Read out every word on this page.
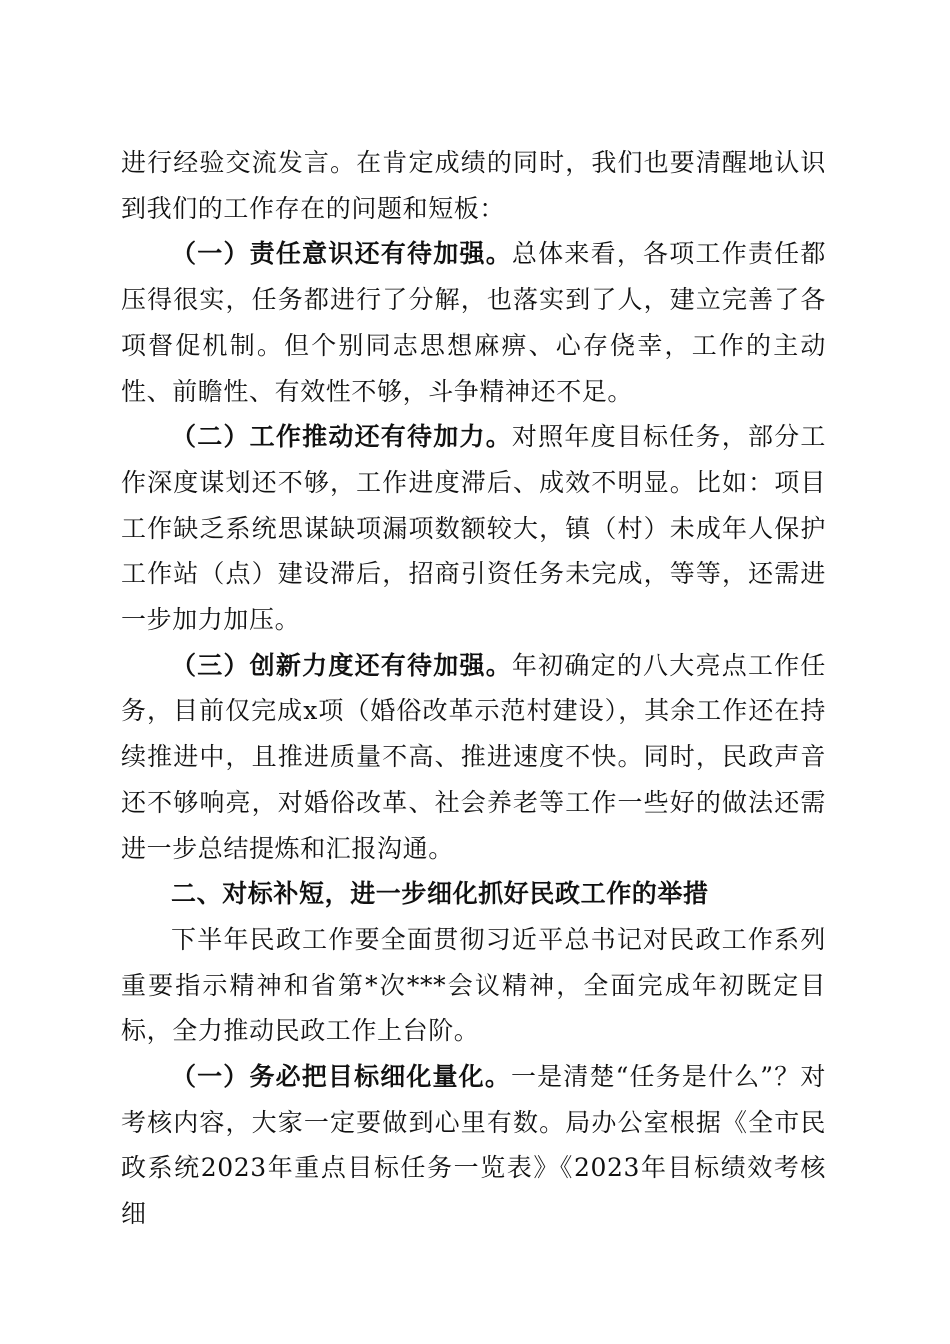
进行经验交流发言。在肯定成绩的同时，我们也要清醒地认识到我们的工作存在的问题和短板：

（一）责任意识还有待加强。总体来看，各项工作责任都压得很实，任务都进行了分解，也落实到了人，建立完善了各项督促机制。但个别同志思想麻痹、心存侥幸，工作的主动性、前瞻性、有效性不够，斗争精神还不足。

（二）工作推动还有待加力。对照年度目标任务，部分工作深度谋划还不够，工作进度滞后、成效不明显。比如：项目工作缺乏系统思谋缺项漏项数额较大，镇（村）未成年人保护工作站（点）建设滞后，招商引资任务未完成，等等，还需进一步加力加压。

（三）创新力度还有待加强。年初确定的八大亮点工作任务，目前仅完成x项（婚俗改革示范村建设），其余工作还在持续推进中，且推进质量不高、推进速度不快。同时，民政声音还不够响亮，对婚俗改革、社会养老等工作一些好的做法还需进一步总结提炼和汇报沟通。

二、对标补短，进一步细化抓好民政工作的举措

下半年民政工作要全面贯彻习近平总书记对民政工作系列重要指示精神和省第*次***会议精神，全面完成年初既定目标，全力推动民政工作上台阶。

（一）务必把目标细化量化。一是清楚“任务是什么”？对考核内容，大家一定要做到心里有数。局办公室根据《全市民政系统2023年重点目标任务一览表》《2023年目标绩效考核细
